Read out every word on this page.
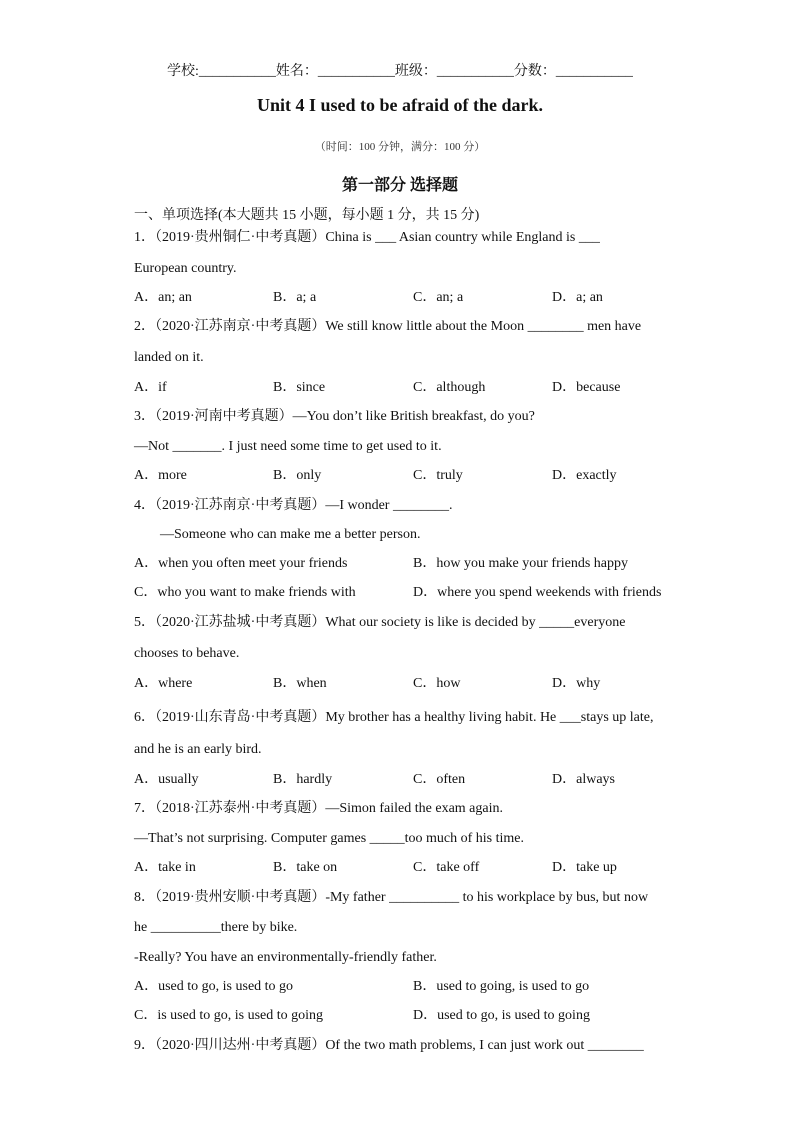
学校:___________姓名：___________班级：___________分数：___________
Unit 4 I used to be afraid of the dark.
（时间：100 分钟，满分：100 分）
第一部分 选择题
一、单项选择(本大题共 15 小题，每小题 1 分，共 15 分)
1．（2019·贵州铜仁·中考真题）China is ___ Asian country while England is ___
European country.
A．an; an	B．a; a	C．an; a	D．a; an
2．（2020·江苏南京·中考真题）We still know little about the Moon ________ men have
landed on it.
A．if	B．since	C．although	D．because
3．（2019·河南中考真题）—You don’t like British breakfast, do you?
—Not _______. I just need some time to get used to it.
A．more	B．only	C．truly	D．exactly
4．（2019·江苏南京·中考真题）—I wonder ________.
—Someone who can make me a better person.
A．when you often meet your friends	B．how you make your friends happy
C．who you want to make friends with	D．where you spend weekends with friends
5．（2020·江苏盐城·中考真题）What our society is like is decided by _____everyone
chooses to behave.
A．where	B．when	C．how	D．why
6．（2019·山东青岛·中考真题）My brother has a healthy living habit. He ___stays up late,
and he is an early bird.
A．usually	B．hardly	C．often	D．always
7．（2018·江苏泰州·中考真题）—Simon failed the exam again.
—That’s not surprising. Computer games _____too much of his time.
A．take in	B．take on	C．take off	D．take up
8．（2019·贵州安顺·中考真题）-My father __________ to his workplace by bus, but now
he __________there by bike.
-Really? You have an environmentally-friendly father.
A．used to go, is used to go	B．used to going, is used to go
C．is used to go, is used to going	D．used to go, is used to going
9．（2020·四川达州·中考真题）Of the two math problems, I can just work out ________
